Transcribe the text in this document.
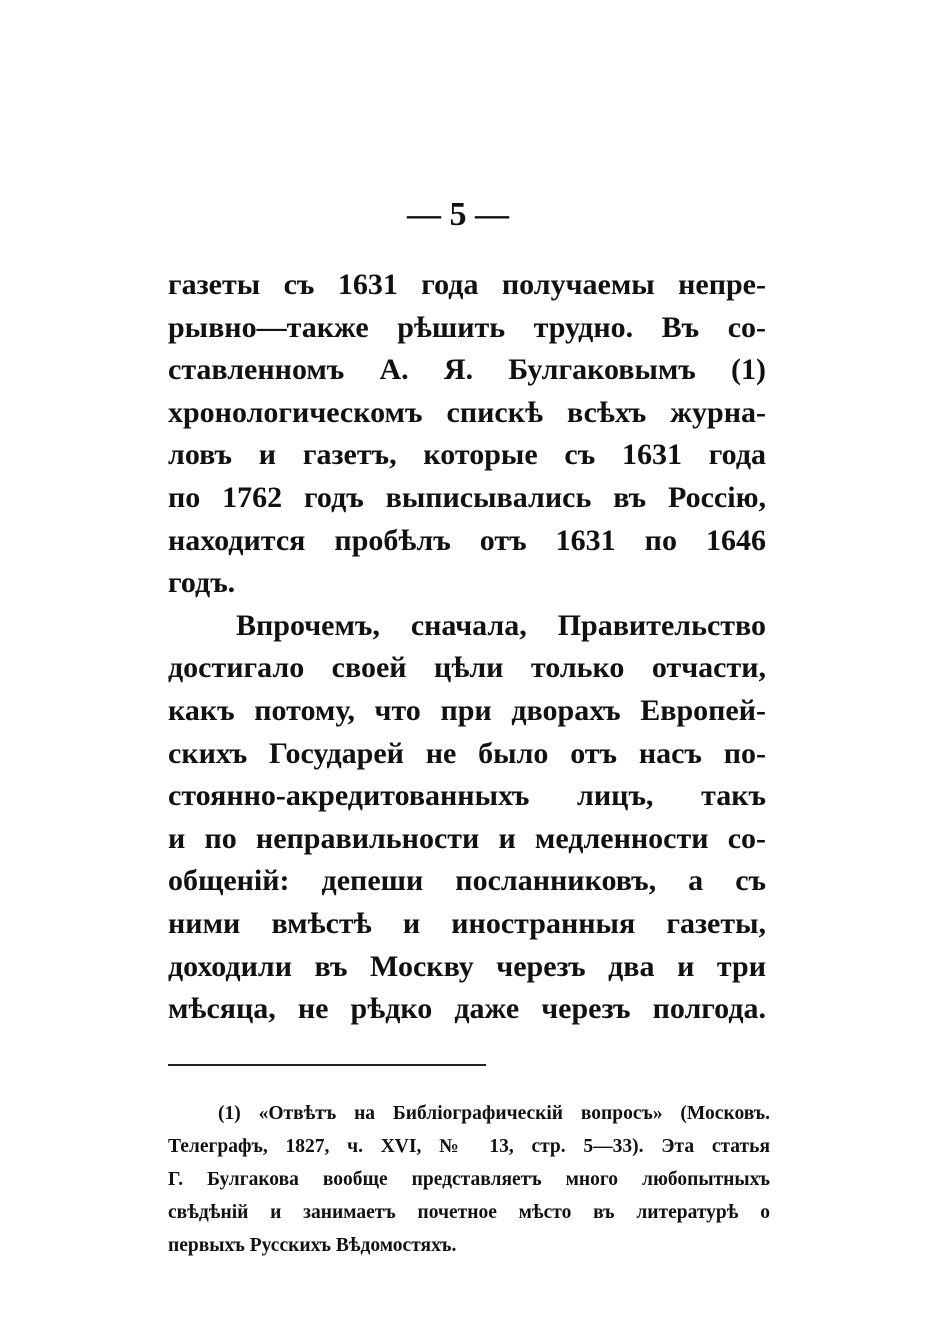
— 5 —
газеты съ 1631 года получаемы непре-
рывно—также рѣшить трудно. Въ со-
ставленномъ А. Я. Булгаковымъ (1)
хронологическомъ спискѣ всѣхъ журна-
ловъ и газетъ, которые съ 1631 года
по 1762 годъ выписывались въ Россію,
находится пробѣлъ отъ 1631 по 1646
годъ.
Впрочемъ, сначала, Правительство
достигало своей цѣли только отчасти,
какъ потому, что при дворахъ Европей-
скихъ Государей не было отъ насъ по-
стоянно-акредитованныхъ лицъ, такъ
и по неправильности и медленности со-
общеній: депеши посланниковъ, а съ
ними вмѣстѣ и иностранныя газеты,
доходили въ Москву черезъ два и три
мѣсяца, не рѣдко даже черезъ полгода.
(1) «Отвѣтъ на Библіографическій вопросъ» (Московъ.
Телеграфъ, 1827, ч. XVI, № 13, стр. 5—33). Эта статья
Г. Булгакова вообще представляетъ много любопытныхъ
свѣдѣній и занимаетъ почетное мѣсто въ литературѣ о
первыхъ Русскихъ Вѣдомостяхъ.
